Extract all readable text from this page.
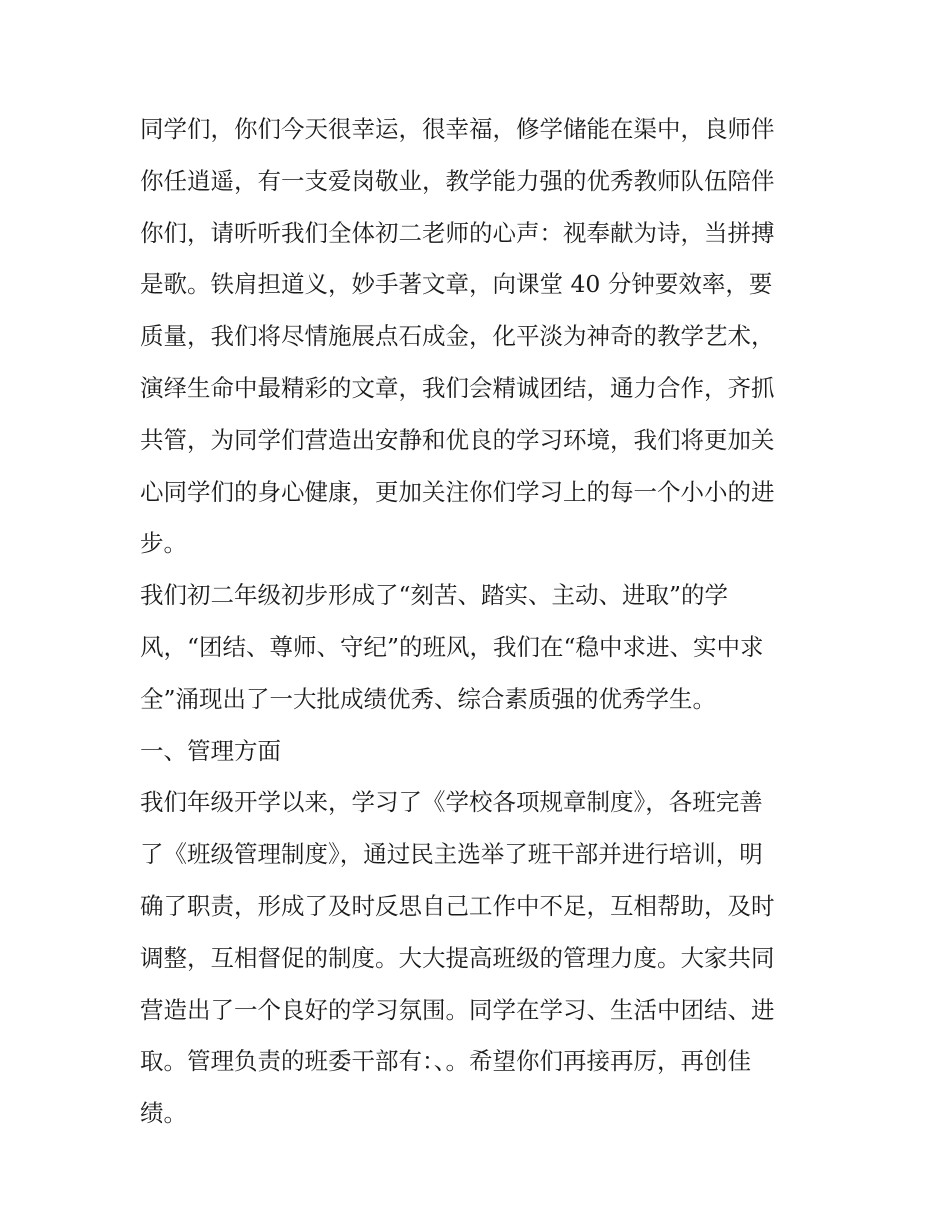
同学们，你们今天很幸运，很幸福，修学储能在渠中，良师伴
你任逍遥，有一支爱岗敬业，教学能力强的优秀教师队伍陪伴
你们，请听听我们全体初二老师的心声：视奉献为诗，当拼搏
是歌。铁肩担道义，妙手著文章，向课堂 40 分钟要效率，要
质量，我们将尽情施展点石成金，化平淡为神奇的教学艺术，
演绎生命中最精彩的文章，我们会精诚团结，通力合作，齐抓
共管，为同学们营造出安静和优良的学习环境，我们将更加关
心同学们的身心健康，更加关注你们学习上的每一个小小的进
步。
我们初二年级初步形成了“刻苦、踏实、主动、进取”的学
风，“团结、尊师、守纪”的班风，我们在“稳中求进、实中求
全”涌现出了一大批成绩优秀、综合素质强的优秀学生。
一、管理方面
我们年级开学以来，学习了《学校各项规章制度》，各班完善
了《班级管理制度》，通过民主选举了班干部并进行培训，明
确了职责，形成了及时反思自己工作中不足，互相帮助，及时
调整，互相督促的制度。大大提高班级的管理力度。大家共同
营造出了一个良好的学习氛围。同学在学习、生活中团结、进
取。管理负责的班委干部有：、。希望你们再接再厉，再创佳
绩。
